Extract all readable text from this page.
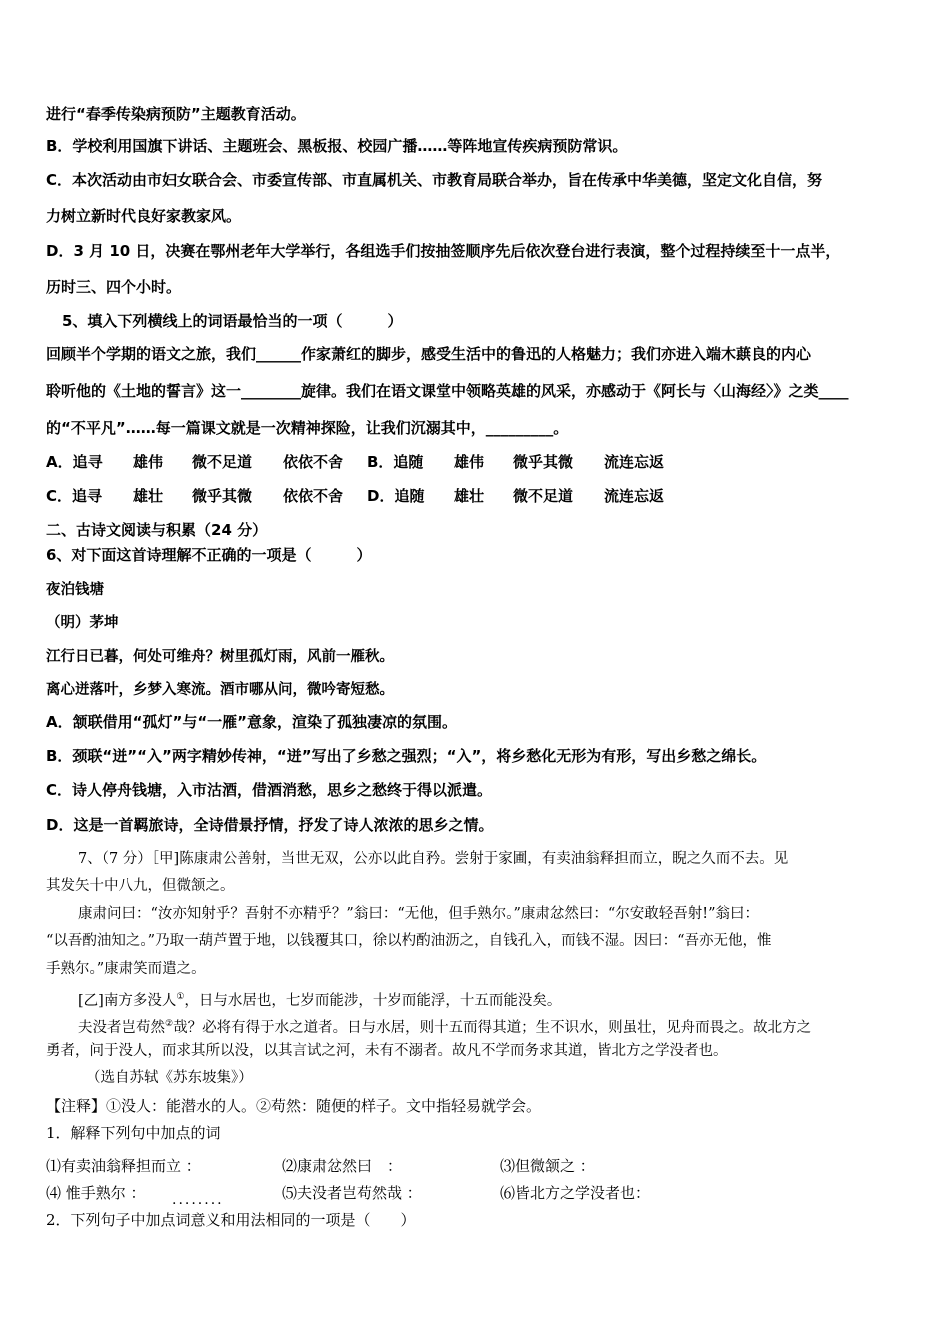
进行“春季传染病预防”主题教育活动。
B．学校利用国旗下讲话、主题班会、黑板报、校园广播……等阵地宣传疾病预防常识。
C．本次活动由市妇女联合会、市委宣传部、市直属机关、市教育局联合举办，旨在传承中华美德，坚定文化自信，努
力树立新时代良好家教家风。
D．3 月 10 日，决赛在鄂州老年大学举行，各组选手们按抽签顺序先后依次登台进行表演，整个过程持续至十一点半，
历时三、四个小时。
5、填入下列横线上的词语最恰当的一项（　　　）
回顾半个学期的语文之旅，我们______作家萧红的脚步，感受生活中的鲁迅的人格魅力；我们亦进入端木蕻良的内心
聆听他的《土地的誓言》这一________旋律。我们在语文课堂中领略英雄的风采，亦感动于《阿长与〈山海经〉》之类____
的“不平凡”……每一篇课文就是一次精神探险，让我们沉溺其中，_________。
A．追寻 雄伟 微不足道 依依不舍 B．追随 雄伟 微乎其微 流连忘返
C．追寻 雄壮 微乎其微 依依不舍 D．追随 雄壮 微不足道 流连忘返
二、古诗文阅读与积累（24 分）
6、对下面这首诗理解不正确的一项是（　　　）
夜泊钱塘
（明）茅坤
江行日已暮，何处可维舟？树里孤灯雨，风前一雁秋。
离心迸落叶，乡梦入寒流。酒市哪从问，微吟寄短愁。
A．颔联借用“孤灯”与“一雁”意象，渲染了孤独凄凉的氛围。
B．颈联“迸”“入”两字精妙传神，“迸”写出了乡愁之强烈；“入”，将乡愁化无形为有形，写出乡愁之绵长。
C．诗人停舟钱塘，入市沽酒，借酒消愁，思乡之愁终于得以派遣。
D．这是一首羁旅诗，全诗借景抒情，抒发了诗人浓浓的思乡之情。
7、（7 分）［甲]陈康肃公善射，当世无双，公亦以此自矜。尝射于家圃，有卖油翁释担而立，睨之久而不去。见
其发矢十中八九，但微颔之。
康肃问曰：“汝亦知射乎？吾射不亦精乎？”翁曰：“无他，但手熟尔。”康肃忿然曰：“尔安敢轻吾射!”翁曰：
“以吾酌油知之。”乃取一葫芦置于地，以钱覆其口，徐以杓酌油沥之，自钱孔入，而钱不湿。因曰：“吾亦无他，惟
手熟尔。”康肃笑而遣之。
[乙]南方多没人①，日与水居也，七岁而能涉，十岁而能浮，十五而能没矣。
夫没者岂苟然②哉？必将有得于水之道者。日与水居，则十五而得其道；生不识水，则虽壮，见舟而畏之。故北方之
勇者，问于没人，而求其所以没，以其言试之河，未有不溺者。故凡不学而务求其道，皆北方之学没者也。
（选自苏轼《苏东坡集》）
【注释】①没人：能潜水的人。②苟然：随便的样子。文中指轻易就学会。
1．解释下列句中加点的词
⑴有卖油翁释担而立 ：	⑵康肃忿然曰　：	⑶但微颔之 ：
⑷ 惟手熟尔 ：	⑸夫没者岂苟然哉 ：	⑹皆北方之学没者也：
........
2．下列句子中加点词意义和用法相同的一项是（　　）
